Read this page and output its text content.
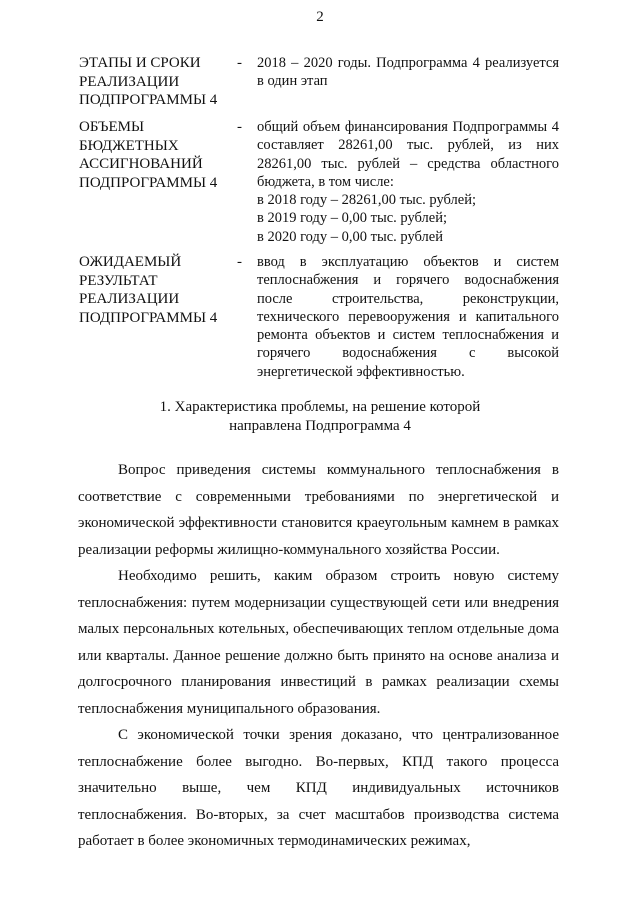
2
ЭТАПЫ И СРОКИ РЕАЛИЗАЦИИ ПОДПРОГРАММЫ 4
- 2018 – 2020 годы. Подпрограмма 4 реализуется в один этап
ОБЪЕМЫ БЮДЖЕТНЫХ АССИГНОВАНИЙ ПОДПРОГРАММЫ 4
- общий объем финансирования Подпрограммы 4 составляет 28261,00 тыс. рублей, из них 28261,00 тыс. рублей – средства областного бюджета, в том числе:
в 2018 году – 28261,00 тыс. рублей;
в 2019 году – 0,00 тыс. рублей;
в 2020 году – 0,00 тыс. рублей
ОЖИДАЕМЫЙ РЕЗУЛЬТАТ РЕАЛИЗАЦИИ ПОДПРОГРАММЫ 4
- ввод в эксплуатацию объектов и систем теплоснабжения и горячего водоснабжения после строительства, реконструкции, технического перевооружения и капитального ремонта объектов и систем теплоснабжения и горячего водоснабжения с высокой энергетической эффективностью.
1. Характеристика проблемы, на решение которой
направлена Подпрограмма 4

Вопрос приведения системы коммунального теплоснабжения в соответствие с современными требованиями по энергетической и экономической эффективности становится краеугольным камнем в рамках реализации реформы жилищно-коммунального хозяйства России.

Необходимо решить, каким образом строить новую систему теплоснабжения: путем модернизации существующей сети или внедрения малых персональных котельных, обеспечивающих теплом отдельные дома или кварталы. Данное решение должно быть принято на основе анализа и долгосрочного планирования инвестиций в рамках реализации схемы теплоснабжения муниципального образования.

С экономической точки зрения доказано, что централизованное теплоснабжение более выгодно. Во-первых, КПД такого процесса значительно выше, чем КПД индивидуальных источников теплоснабжения. Во-вторых, за счет масштабов производства система работает в более экономичных термодинамических режимах,
